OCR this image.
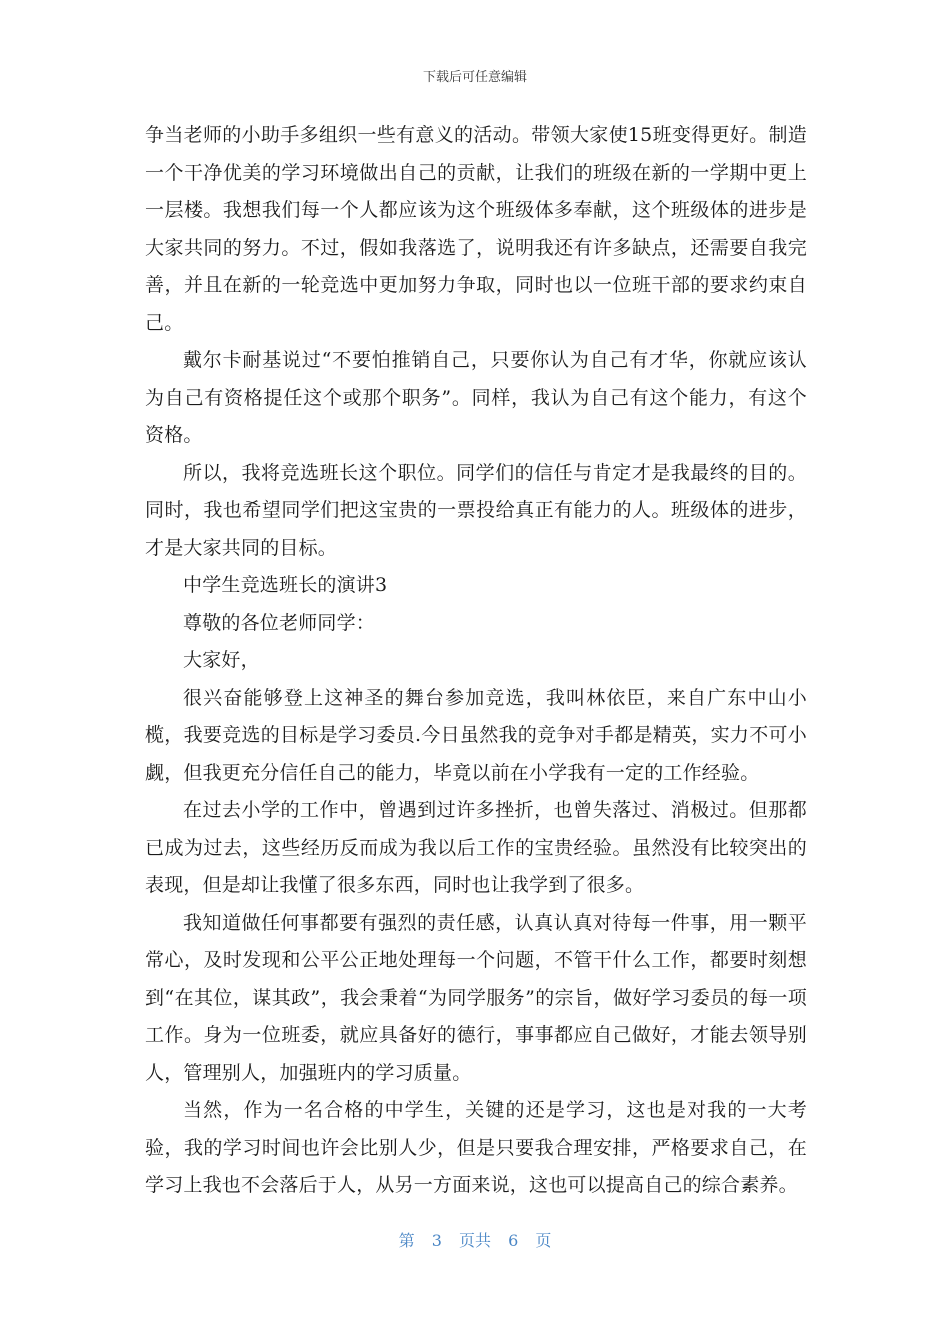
下载后可任意编辑

争当老师的小助手多组织一些有意义的活动。带领大家使15班变得更好。制造一个干净优美的学习环境做出自己的贡献，让我们的班级在新的一学期中更上一层楼。我想我们每一个人都应该为这个班级体多奉献，这个班级体的进步是大家共同的努力。不过，假如我落选了，说明我还有许多缺点，还需要自我完善，并且在新的一轮竞选中更加努力争取，同时也以一位班干部的要求约束自己。

戴尔卡耐基说过“不要怕推销自己，只要你认为自己有才华，你就应该认为自己有资格提任这个或那个职务”。同样，我认为自己有这个能力，有这个资格。

所以，我将竞选班长这个职位。同学们的信任与肯定才是我最终的目的。同时，我也希望同学们把这宝贵的一票投给真正有能力的人。班级体的进步，才是大家共同的目标。

中学生竞选班长的演讲3

尊敬的各位老师同学：

大家好，

很兴奋能够登上这神圣的舞台参加竞选，我叫林依臣，来自广东中山小榄，我要竞选的目标是学习委员.今日虽然我的竞争对手都是精英，实力不可小觑，但我更充分信任自己的能力，毕竟以前在小学我有一定的工作经验。

在过去小学的工作中，曾遇到过许多挫折，也曾失落过、消极过。但那都已成为过去，这些经历反而成为我以后工作的宝贵经验。虽然没有比较突出的表现，但是却让我懂了很多东西，同时也让我学到了很多。

我知道做任何事都要有强烈的责任感，认真认真对待每一件事，用一颗平常心，及时发现和公平公正地处理每一个问题，不管干什么工作，都要时刻想到“在其位，谋其政”，我会秉着“为同学服务”的宗旨，做好学习委员的每一项工作。身为一位班委，就应具备好的德行，事事都应自己做好，才能去领导别人，管理别人，加强班内的学习质量。

当然，作为一名合格的中学生，关键的还是学习，这也是对我的一大考验，我的学习时间也许会比别人少，但是只要我合理安排，严格要求自己，在学习上我也不会落后于人，从另一方面来说，这也可以提高自己的综合素养。

第 3 页共 6 页
